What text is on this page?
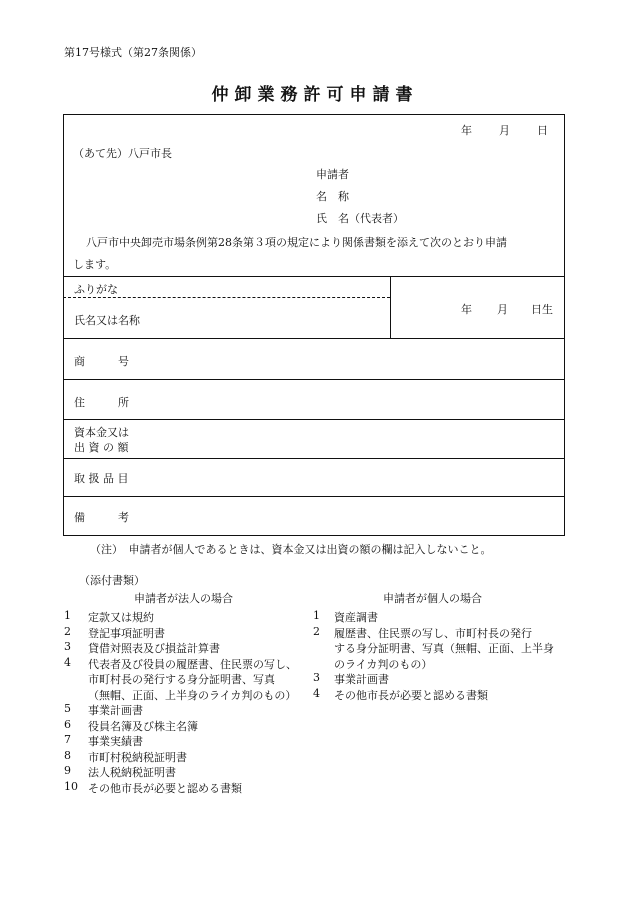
第17号様式（第27条関係）
仲卸業務許可申請書
年 月 日
（あて先）八戸市長
申請者
名　称
氏　名（代表者）
八戸市中央卸売市場条例第28条第３項の規定により関係書類を添えて次のとおり申請
します。
ふりがな
氏名又は名称
年 月 日生
商　　　号
住　　　所
資本金又は
出 資 の 額
取 扱 品 目
備　　　考
（注）　申請者が個人であるときは、資本金又は出資の額の欄は記入しないこと。
（添付書類）
申請者が法人の場合	申請者が個人の場合
1 定款又は規約
2 登記事項証明書
3 貸借対照表及び損益計算書
4 代表者及び役員の履歴書、住民票の写し、
市町村長の発行する身分証明書、写真
（無帽、正面、上半身のライカ判のもの）
5 事業計画書
6 役員名簿及び株主名簿
7 事業実績書
8 市町村税納税証明書
9 法人税納税証明書
10 その他市長が必要と認める書類
1 資産調書
2 履歴書、住民票の写し、市町村長の発行
する身分証明書、写真（無帽、正面、上半身
のライカ判のもの）
3 事業計画書
4 その他市長が必要と認める書類
